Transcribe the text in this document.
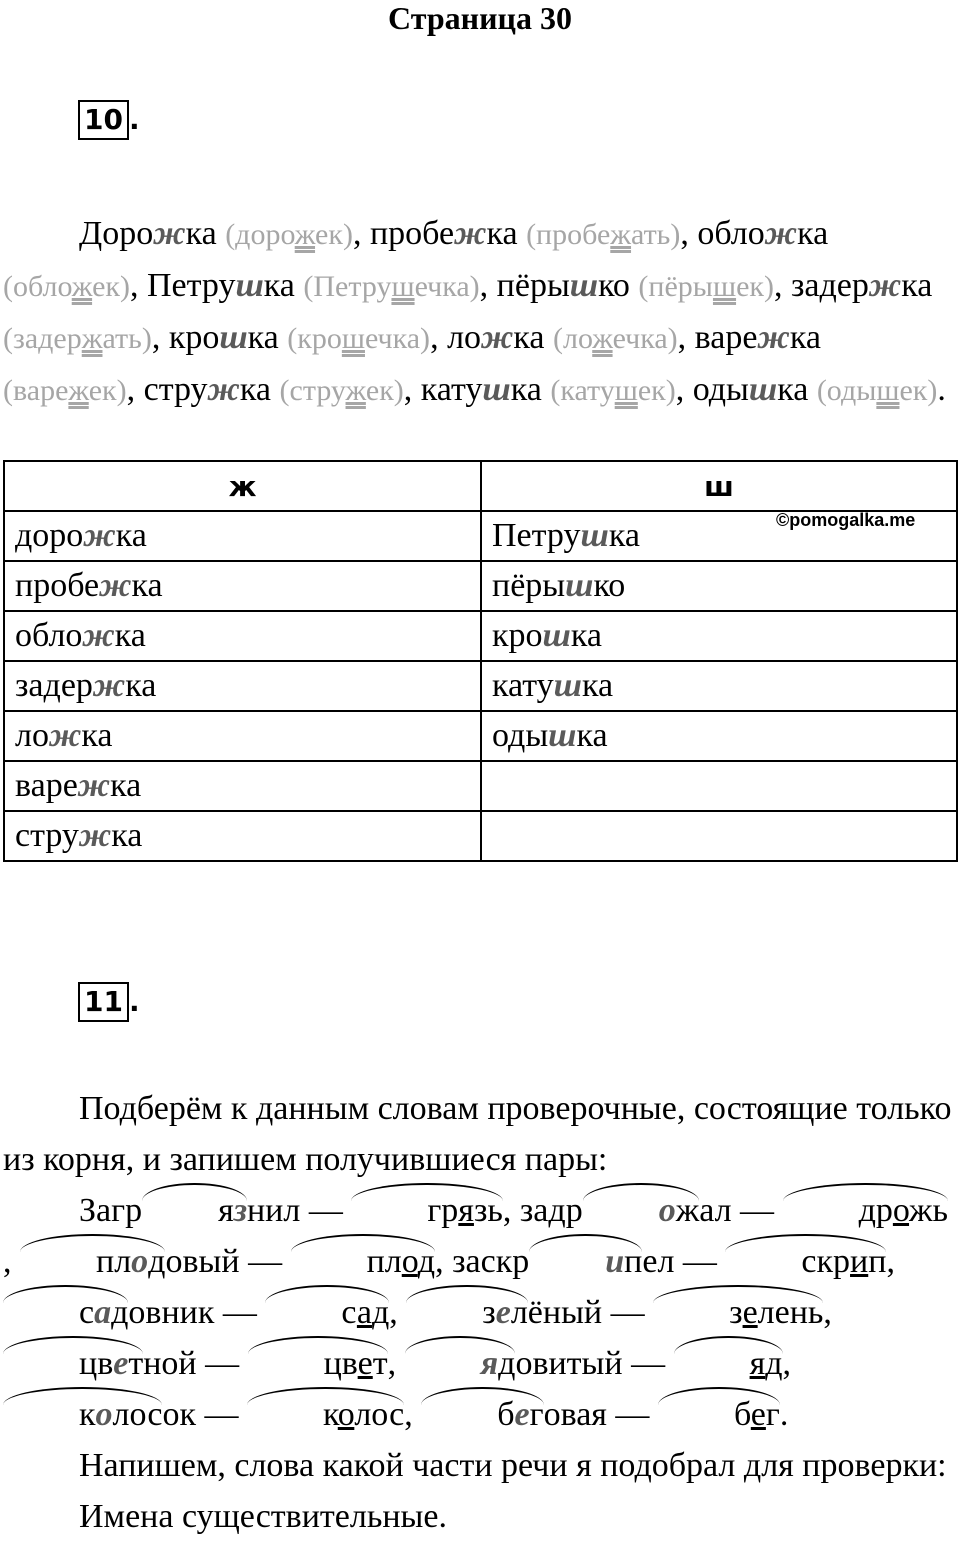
Страница 30
10 .

Дорожка (дорожек), пробежка (пробежать), обложка (обложек), Петрушка (Петрушечка), пёрышко (пёрышек), задержка (задержать), крошка (крошечка), ложка (ложечка), варежка (варежек), стружка (стружек), катушка (катушек), одышка (одышек).

ж	ш
дорожка	Петрушка
пробежка	пёрышко
обложка	крошка
задержка	катушка
ложка	одышка
варежка	
стружка	
©pomogalka.me
11 .

Подберём к данным словам проверочные, состоящие только из корня, и запишем получившиеся пары:

Загр язнил — грязь, задр ожал — дрожь, плодовый — плод, заскр ипел — скрип, садовник — сад, зелёный — зелень, цветной — цвет, ядовитый — яд, колосок — колос, беговая — бег.

Напишем, слова какой части речи я подобрал для проверки:

Имена существительные.
